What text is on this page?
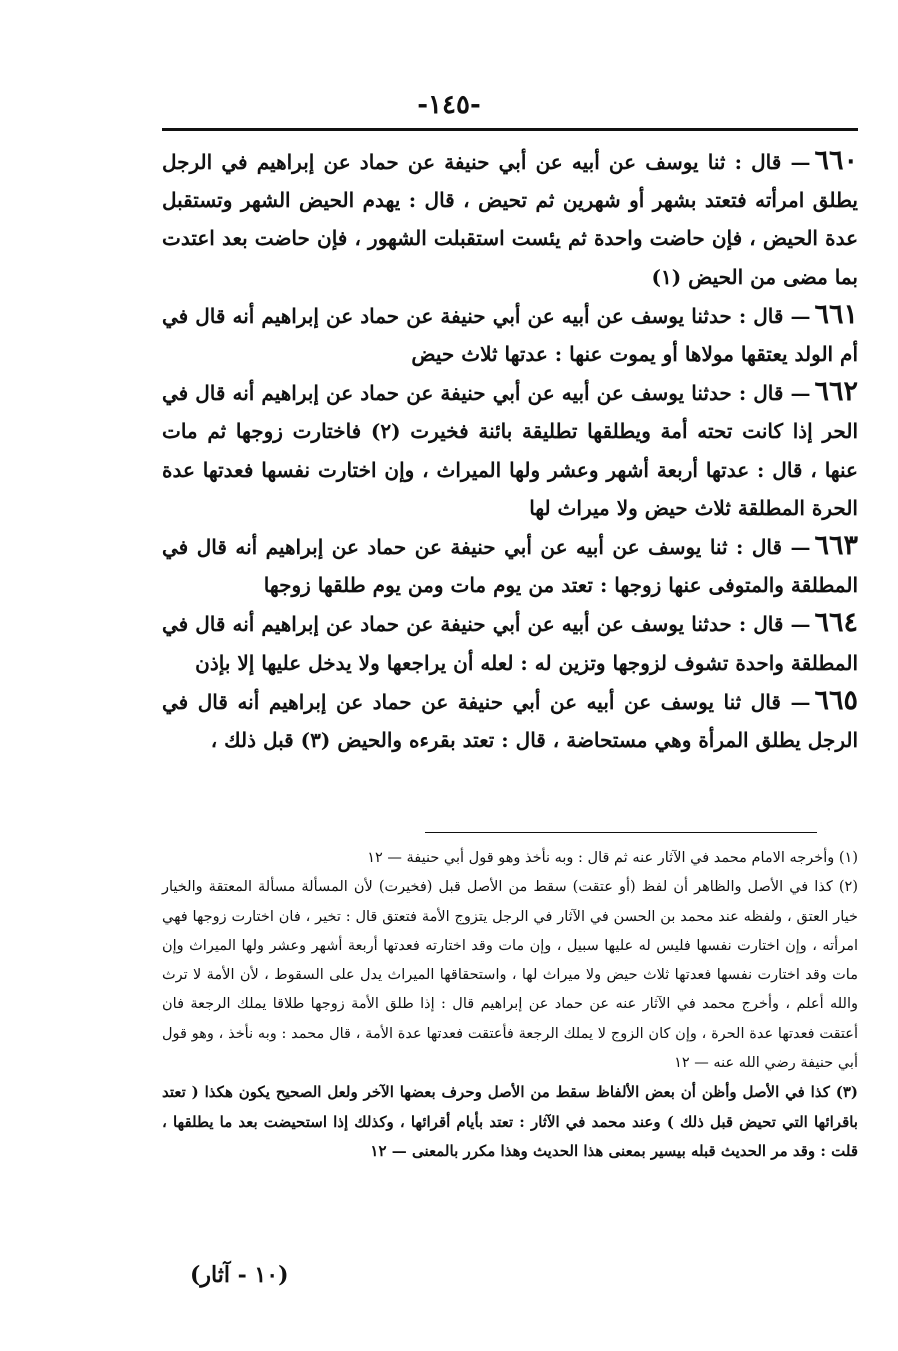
-١٤٥-

٦٦٠— قال : ثنا يوسف عن أبيه عن أبي حنيفة عن حماد عن إبراهيم في الرجل يطلق امرأته فتعتد بشهر أو شهرين ثم تحيض ، قال : يهدم الحيض الشهر وتستقبل عدة الحيض ، فإن حاضت واحدة ثم يئست استقبلت الشهور ، فإن حاضت بعد اعتدت بما مضى من الحيض (١)

٦٦١— قال : حدثنا يوسف عن أبيه عن أبي حنيفة عن حماد عن إبراهيم أنه قال في أم الولد يعتقها مولاها أو يموت عنها : عدتها ثلاث حيض

٦٦٢— قال : حدثنا يوسف عن أبيه عن أبي حنيفة عن حماد عن إبراهيم أنه قال في الحر إذا كانت تحته أمة ويطلقها تطليقة بائنة فخيرت (٢) فاختارت زوجها ثم مات عنها ، قال : عدتها أربعة أشهر وعشر ولها الميراث ، وإن اختارت نفسها فعدتها عدة الحرة المطلقة ثلاث حيض ولا ميراث لها

٦٦٣— قال : ثنا يوسف عن أبيه عن أبي حنيفة عن حماد عن إبراهيم أنه قال في المطلقة والمتوفى عنها زوجها : تعتد من يوم مات ومن يوم طلقها زوجها

٦٦٤— قال : حدثنا يوسف عن أبيه عن أبي حنيفة عن حماد عن إبراهيم أنه قال في المطلقة واحدة تشوف لزوجها وتزين له : لعله أن يراجعها ولا يدخل عليها إلا بإذن

٦٦٥— قال ثنا يوسف عن أبيه عن أبي حنيفة عن حماد عن إبراهيم أنه قال في الرجل يطلق المرأة وهي مستحاضة ، قال : تعتد بقرءه والحيض (٣) قبل ذلك ،

(١) وأخرجه الامام محمد في الآثار عنه ثم قال : وبه نأخذ وهو قول أبي حنيفة — ١٢

(٢) كذا في الأصل والظاهر أن لفظ (أو عتقت) سقط من الأصل قبل (فخيرت) لأن المسألة مسألة المعتقة والخيار خيار العتق ، ولفظه عند محمد بن الحسن في الآثار في الرجل يتزوج الأمة فتعتق قال : تخير ، فان اختارت زوجها فهي امرأته ، وإن اختارت نفسها فليس له عليها سبيل ، وإن مات وقد اختارته فعدتها أربعة أشهر وعشر ولها الميراث وإن مات وقد اختارت نفسها فعدتها ثلاث حيض ولا ميراث لها ، واستحقاقها الميراث يدل على السقوط ، لأن الأمة لا ترث والله أعلم ، وأخرج محمد في الآثار عنه عن حماد عن إبراهيم قال : إذا طلق الأمة زوجها طلاقا يملك الرجعة فان أعتقت فعدتها عدة الحرة ، وإن كان الزوج لا يملك الرجعة فأعتقت فعدتها عدة الأمة ، قال محمد : وبه نأخذ ، وهو قول أبي حنيفة رضي الله عنه — ١٢

(٣) كذا في الأصل وأظن أن بعض الألفاظ سقط من الأصل وحرف بعضها الآخر ولعل الصحيح يكون هكذا ( تعتد باقرائها التي تحيض قبل ذلك ) وعند محمد في الآثار : تعتد بأيام أقرائها ، وكذلك إذا استحيضت بعد ما يطلقها ، قلت : وقد مر الحديث قبله بيسير بمعنى هذا الحديث وهذا مكرر بالمعنى — ١٢

(١٠ - آثار)
